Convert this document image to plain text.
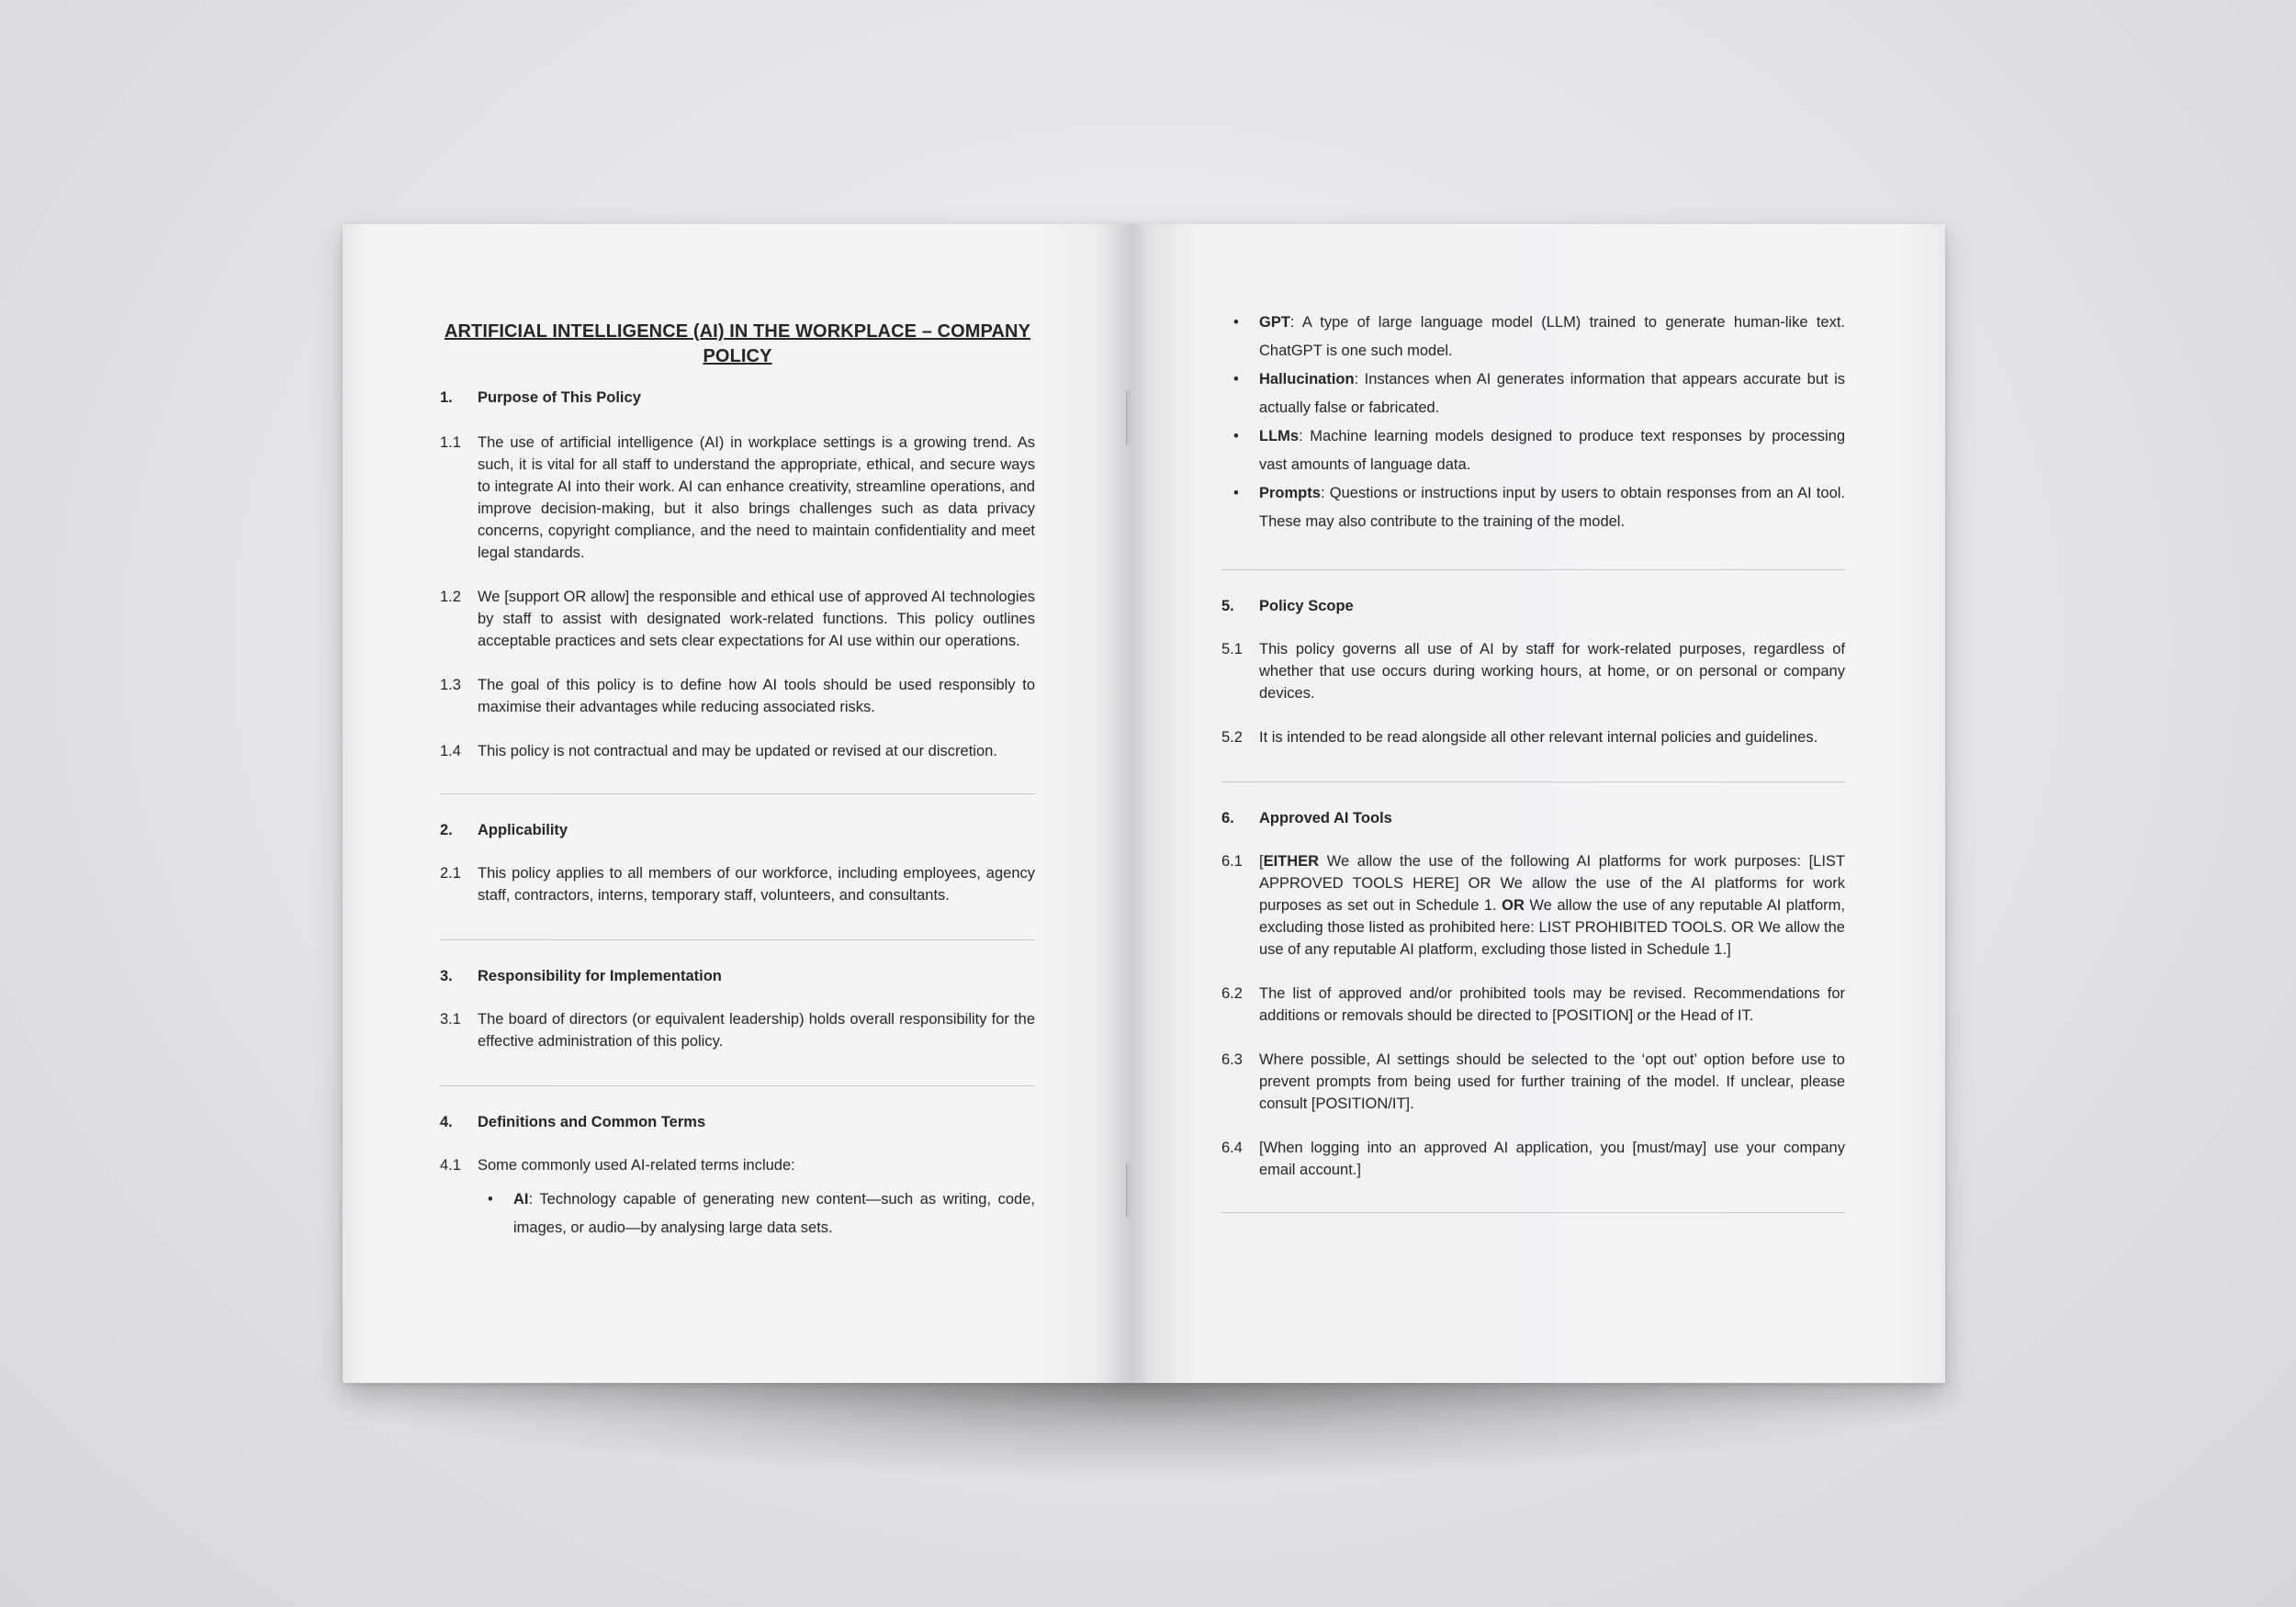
ARTIFICIAL INTELLIGENCE (AI) IN THE WORKPLACE – COMPANY POLICY
1.	Purpose of This Policy
1.1	The use of artificial intelligence (AI) in workplace settings is a growing trend. As such, it is vital for all staff to understand the appropriate, ethical, and secure ways to integrate AI into their work. AI can enhance creativity, streamline operations, and improve decision-making, but it also brings challenges such as data privacy concerns, copyright compliance, and the need to maintain confidentiality and meet legal standards.
1.2	We [support OR allow] the responsible and ethical use of approved AI technologies by staff to assist with designated work-related functions. This policy outlines acceptable practices and sets clear expectations for AI use within our operations.
1.3	The goal of this policy is to define how AI tools should be used responsibly to maximise their advantages while reducing associated risks.
1.4	This policy is not contractual and may be updated or revised at our discretion.
2.	Applicability
2.1	This policy applies to all members of our workforce, including employees, agency staff, contractors, interns, temporary staff, volunteers, and consultants.
3.	Responsibility for Implementation
3.1	The board of directors (or equivalent leadership) holds overall responsibility for the effective administration of this policy.
4.	Definitions and Common Terms
4.1	Some commonly used AI-related terms include:
•	AI: Technology capable of generating new content—such as writing, code, images, or audio—by analysing large data sets.
•	GPT: A type of large language model (LLM) trained to generate human-like text. ChatGPT is one such model.
•	Hallucination: Instances when AI generates information that appears accurate but is actually false or fabricated.
•	LLMs: Machine learning models designed to produce text responses by processing vast amounts of language data.
•	Prompts: Questions or instructions input by users to obtain responses from an AI tool. These may also contribute to the training of the model.
5.	Policy Scope
5.1	This policy governs all use of AI by staff for work-related purposes, regardless of whether that use occurs during working hours, at home, or on personal or company devices.
5.2	It is intended to be read alongside all other relevant internal policies and guidelines.
6.	Approved AI Tools
6.1	[EITHER We allow the use of the following AI platforms for work purposes: [LIST APPROVED TOOLS HERE] OR We allow the use of the AI platforms for work purposes as set out in Schedule 1. OR We allow the use of any reputable AI platform, excluding those listed as prohibited here: LIST PROHIBITED TOOLS. OR We allow the use of any reputable AI platform, excluding those listed in Schedule 1.]
6.2	The list of approved and/or prohibited tools may be revised. Recommendations for additions or removals should be directed to [POSITION] or the Head of IT.
6.3	Where possible, AI settings should be selected to the ‘opt out’ option before use to prevent prompts from being used for further training of the model. If unclear, please consult [POSITION/IT].
6.4	[When logging into an approved AI application, you [must/may] use your company email account.]
